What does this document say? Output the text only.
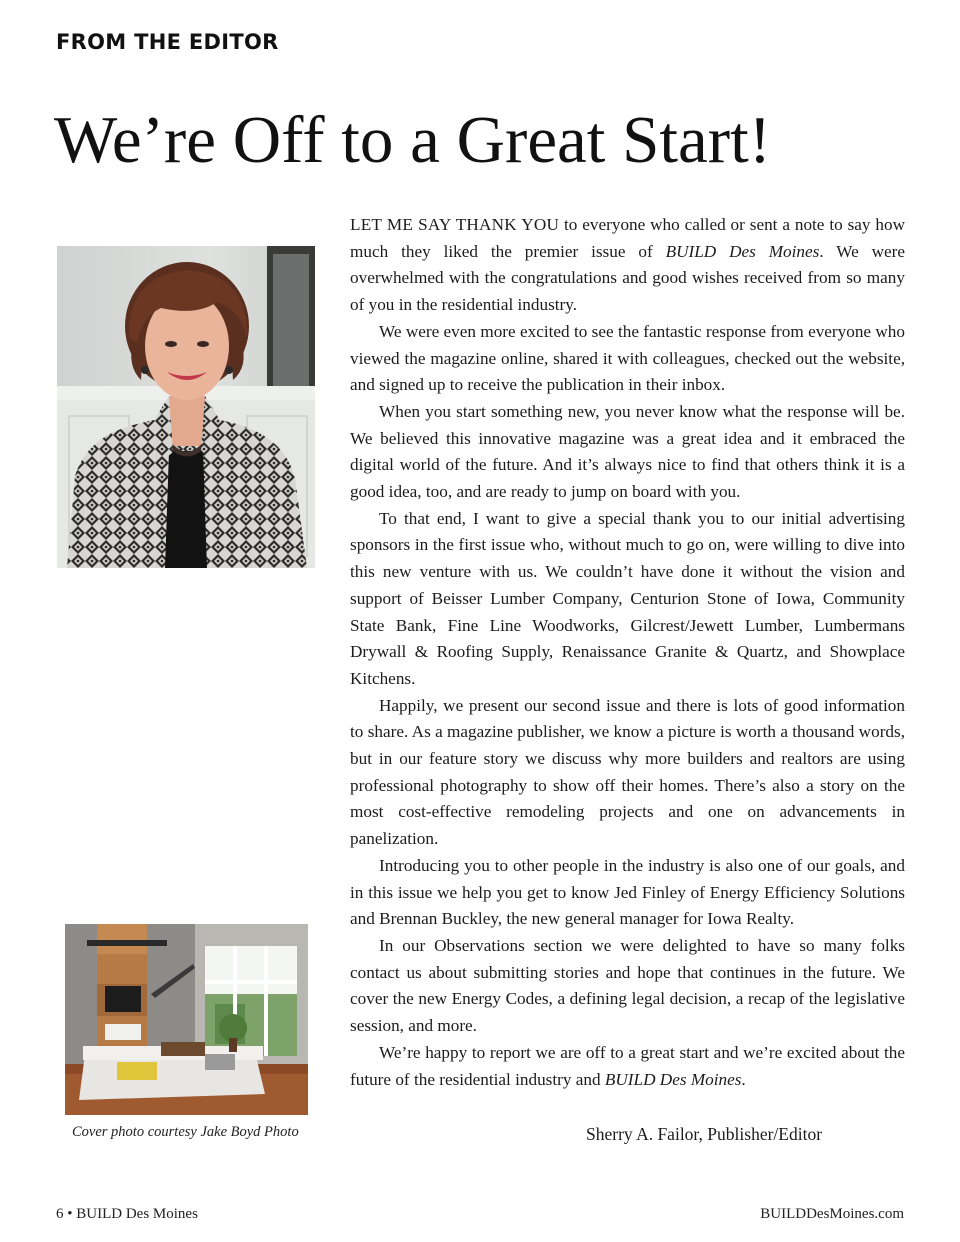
FROM THE EDITOR
We’re Off to a Great Start!

LET ME SAY THANK YOU to everyone who called or sent a note to say how much they liked the premier issue of BUILD Des Moines. We were overwhelmed with the congratulations and good wishes received from so many of you in the residential industry.

We were even more excited to see the fantastic response from everyone who viewed the magazine online, shared it with colleagues, checked out the website, and signed up to receive the publication in their inbox.

When you start something new, you never know what the response will be. We believed this innovative magazine was a great idea and it embraced the digital world of the future. And it’s always nice to find that others think it is a good idea, too, and are ready to jump on board with you.

To that end, I want to give a special thank you to our initial advertising sponsors in the first issue who, without much to go on, were willing to dive into this new venture with us. We couldn’t have done it without the vision and support of Beisser Lumber Company, Centurion Stone of Iowa, Community State Bank, Fine Line Woodworks, Gilcrest/Jewett Lumber, Lumbermans Drywall & Roofing Supply, Renaissance Granite & Quartz, and Showplace Kitchens.

Happily, we present our second issue and there is lots of good information to share. As a magazine publisher, we know a picture is worth a thousand words, but in our feature story we discuss why more builders and realtors are using professional photography to show off their homes. There’s also a story on the most cost-effective remodeling projects and one on advancements in panelization.

Introducing you to other people in the industry is also one of our goals, and in this issue we help you get to know Jed Finley of Energy Efficiency Solutions and Brennan Buckley, the new general manager for Iowa Realty.

In our Observations section we were delighted to have so many folks contact us about submitting stories and hope that continues in the future. We cover the new Energy Codes, a defining legal decision, a recap of the legislative session, and more.

We’re happy to report we are off to a great start and we’re excited about the future of the residential industry and BUILD Des Moines.

Cover photo courtesy Jake Boyd Photo	Sherry A. Failor, Publisher/Editor
6 • BUILD Des Moines	BUILDDesMoines.com
